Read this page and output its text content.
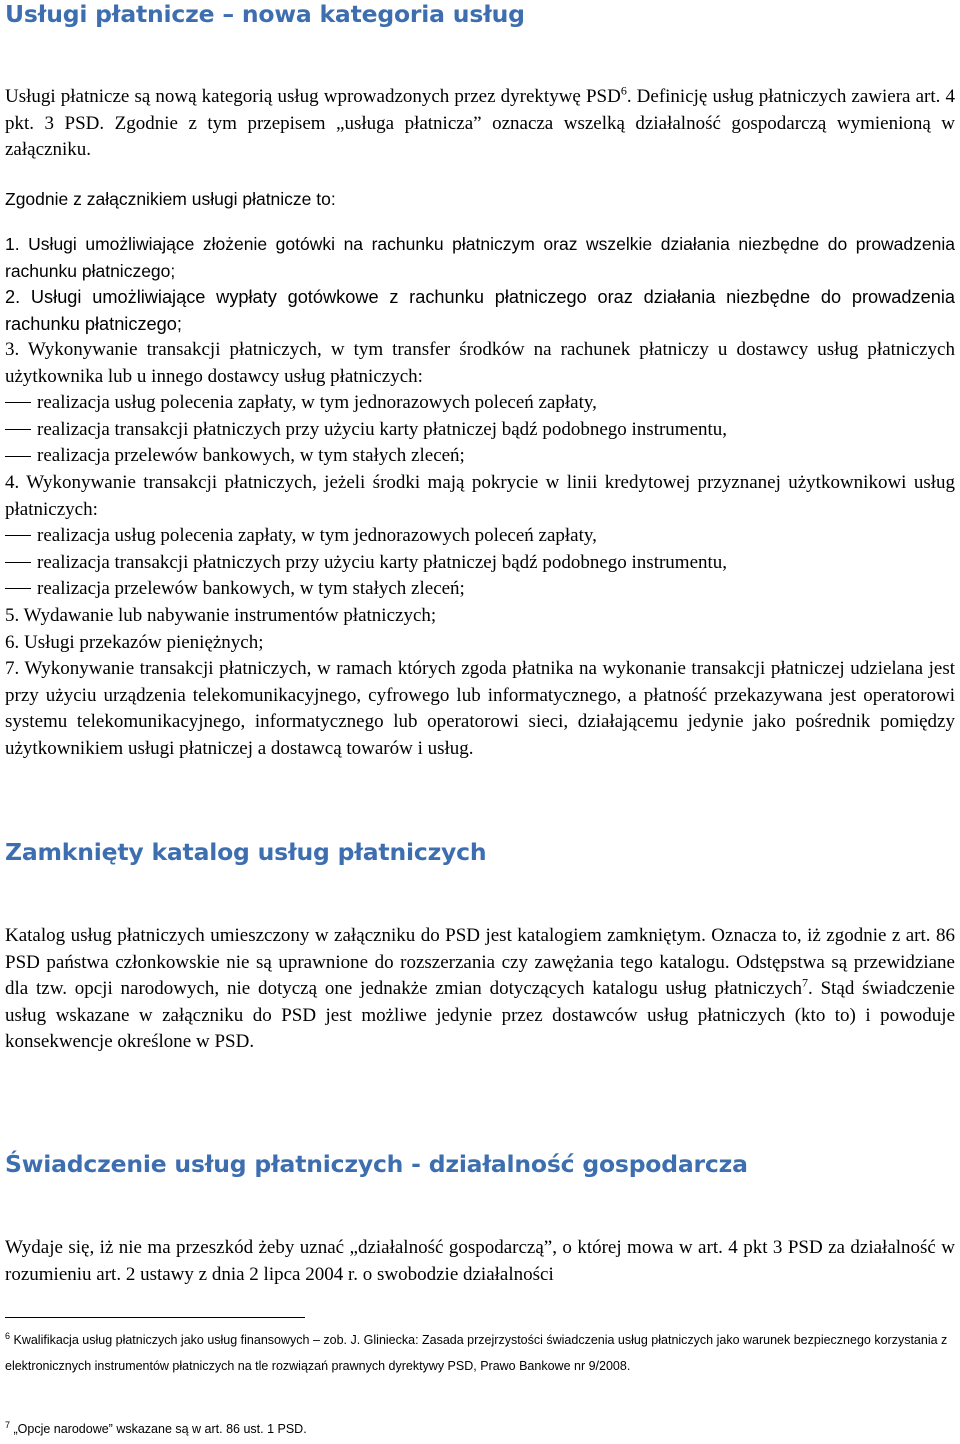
Usługi płatnicze – nowa kategoria usług

Usługi płatnicze są nową kategorią usług wprowadzonych przez dyrektywę PSD$^6$. Definicję usług płatniczych zawiera art. 4 pkt. 3 PSD. Zgodnie z tym przepisem „usługa płatnicza” oznacza wszelką działalność gospodarczą wymienioną w załączniku.

Zgodnie z załącznikiem usługi płatnicze to:

1. Usługi umożliwiające złożenie gotówki na rachunku płatniczym oraz wszelkie działania niezbędne do prowadzenia rachunku płatniczego;
2. Usługi umożliwiające wypłaty gotówkowe z rachunku płatniczego oraz działania niezbędne do prowadzenia rachunku płatniczego;
3. Wykonywanie transakcji płatniczych, w tym transfer środków na rachunek płatniczy u dostawcy usług płatniczych użytkownika lub u innego dostawcy usług płatniczych:
realizacja usług polecenia zapłaty, w tym jednorazowych poleceń zapłaty,
realizacja transakcji płatniczych przy użyciu karty płatniczej bądź podobnego instrumentu,
realizacja przelewów bankowych, w tym stałych zleceń;
4. Wykonywanie transakcji płatniczych, jeżeli środki mają pokrycie w linii kredytowej przyznanej użytkownikowi usług płatniczych:
realizacja usług polecenia zapłaty, w tym jednorazowych poleceń zapłaty,
realizacja transakcji płatniczych przy użyciu karty płatniczej bądź podobnego instrumentu,
realizacja przelewów bankowych, w tym stałych zleceń;
5. Wydawanie lub nabywanie instrumentów płatniczych;
6. Usługi przekazów pieniężnych;
7. Wykonywanie transakcji płatniczych, w ramach których zgoda płatnika na wykonanie transakcji płatniczej udzielana jest przy użyciu urządzenia telekomunikacyjnego, cyfrowego lub informatycznego, a płatność przekazywana jest operatorowi systemu telekomunikacyjnego, informatycznego lub operatorowi sieci, działającemu jedynie jako pośrednik pomiędzy użytkownikiem usługi płatniczej a dostawcą towarów i usług.
Zamknięty katalog usług płatniczych

Katalog usług płatniczych umieszczony w załączniku do PSD jest katalogiem zamkniętym. Oznacza to, iż zgodnie z art. 86 PSD państwa członkowskie nie są uprawnione do rozszerzania czy zawężania tego katalogu. Odstępstwa są przewidziane dla tzw. opcji narodowych, nie dotyczą one jednakże zmian dotyczących katalogu usług płatniczych$^7$. Stąd świadczenie usług wskazane w załączniku do PSD jest możliwe jedynie przez dostawców usług płatniczych (kto to) i powoduje konsekwencje określone w PSD.

Świadczenie usług płatniczych - działalność gospodarcza

Wydaje się, iż nie ma przeszkód żeby uznać „działalność gospodarczą”, o której mowa w art. 4 pkt 3 PSD za działalność w rozumieniu art. 2 ustawy z dnia 2 lipca 2004 r. o swobodzie działalności

$^6$ Kwalifikacja usług płatniczych jako usług finansowych – zob. J. Gliniecka: Zasada przejrzystości świadczenia usług płatniczych jako warunek bezpiecznego korzystania z elektronicznych instrumentów płatniczych na tle rozwiązań prawnych dyrektywy PSD, Prawo Bankowe nr 9/2008.

$^7$ „Opcje narodowe” wskazane są w art. 86 ust. 1 PSD.
